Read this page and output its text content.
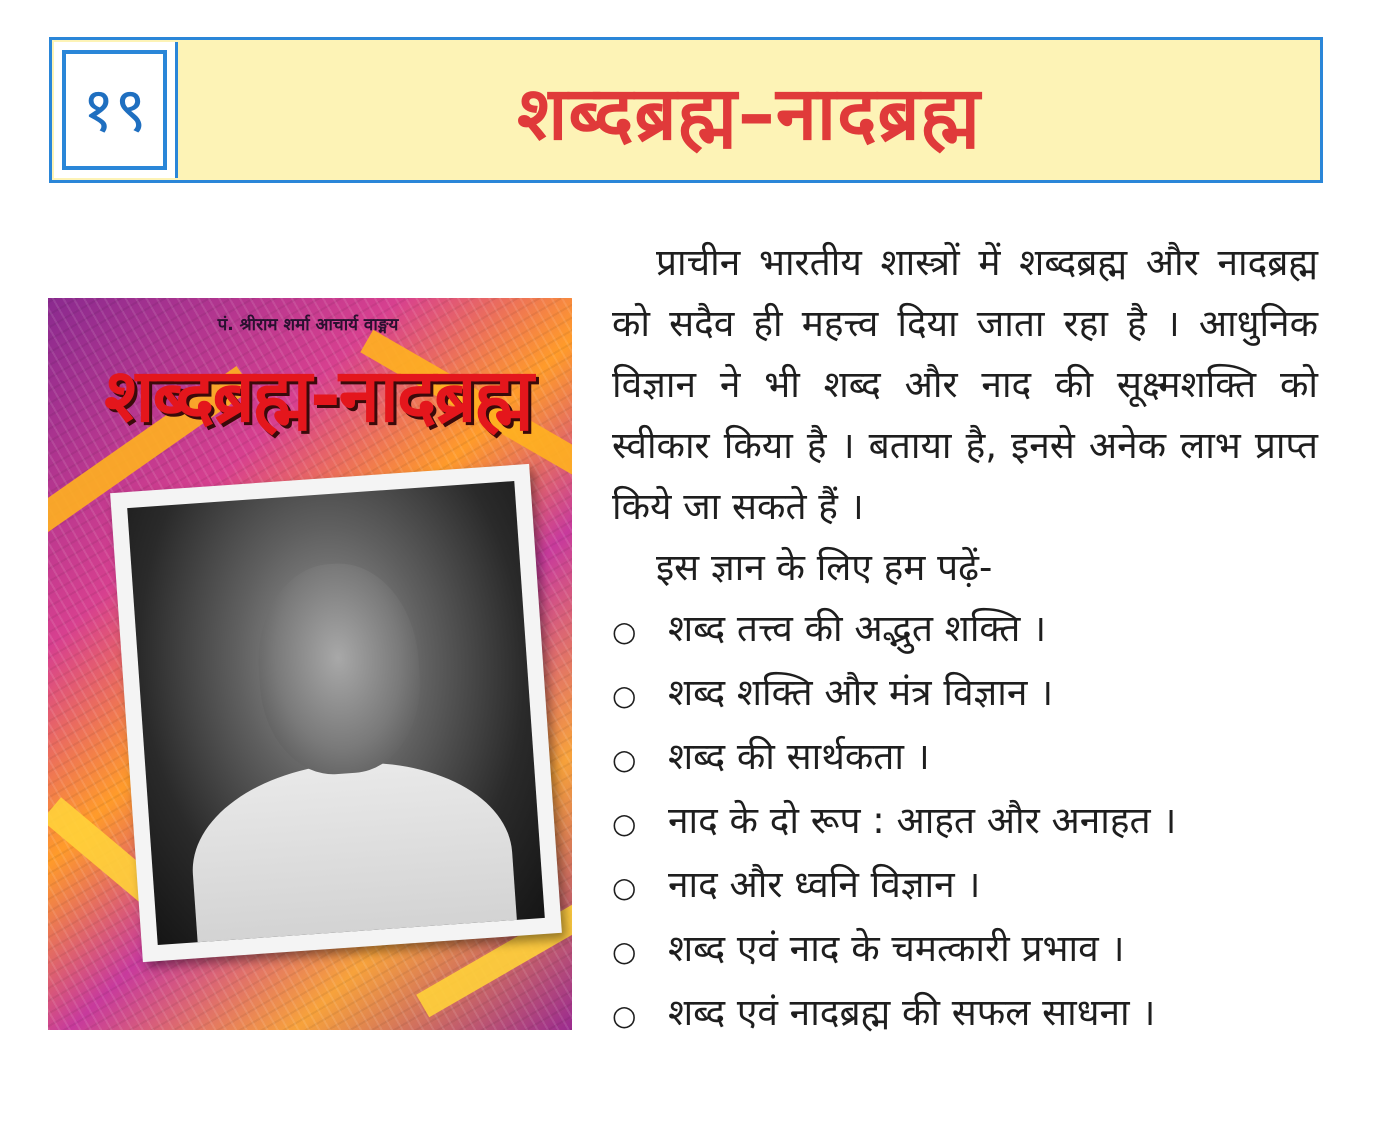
१९	शब्दब्रह्म–नादब्रह्म
पं. श्रीराम शर्मा आचार्य वाङ्मय
शब्दब्रह्म-नादब्रह्म

प्राचीन भारतीय शास्त्रों में शब्दब्रह्म और नादब्रह्म को सदैव ही महत्त्व दिया जाता रहा है । आधुनिक विज्ञान ने भी शब्द और नाद की सूक्ष्मशक्ति को स्वीकार किया है । बताया है, इनसे अनेक लाभ प्राप्त किये जा सकते हैं ।

इस ज्ञान के लिए हम पढ़ें-

○ शब्द तत्त्व की अद्भुत शक्ति ।
○ शब्द शक्ति और मंत्र विज्ञान ।
○ शब्द की सार्थकता ।
○ नाद के दो रूप : आहत और अनाहत ।
○ नाद और ध्वनि विज्ञान ।
○ शब्द एवं नाद के चमत्कारी प्रभाव ।
○ शब्द एवं नादब्रह्म की सफल साधना ।
